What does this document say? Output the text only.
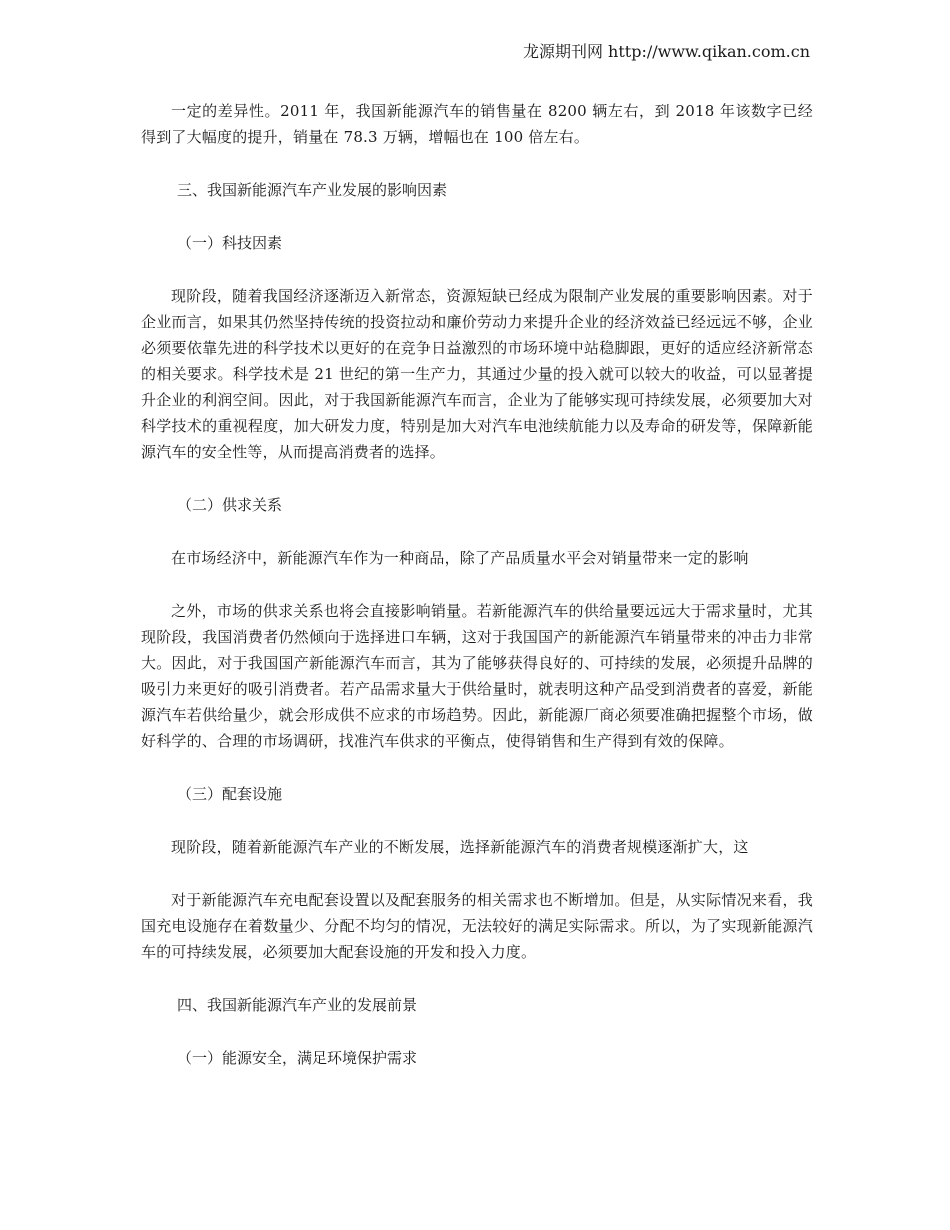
龙源期刊网 http://www.qikan.com.cn

一定的差异性。2011 年，我国新能源汽车的销售量在 8200 辆左右，到 2018 年该数字已经得到了大幅度的提升，销量在 78.3 万辆，增幅也在 100 倍左右。

三、我国新能源汽车产业发展的影响因素

（一）科技因素

现阶段，随着我国经济逐渐迈入新常态，资源短缺已经成为限制产业发展的重要影响因素。对于企业而言，如果其仍然坚持传统的投资拉动和廉价劳动力来提升企业的经济效益已经远远不够，企业必须要依靠先进的科学技术以更好的在竞争日益激烈的市场环境中站稳脚跟，更好的适应经济新常态的相关要求。科学技术是 21 世纪的第一生产力，其通过少量的投入就可以较大的收益，可以显著提升企业的利润空间。因此，对于我国新能源汽车而言，企业为了能够实现可持续发展，必须要加大对科学技术的重视程度，加大研发力度，特别是加大对汽车电池续航能力以及寿命的研发等，保障新能源汽车的安全性等，从而提高消费者的选择。

（二）供求关系

在市场经济中，新能源汽车作为一种商品，除了产品质量水平会对销量带来一定的影响

之外，市场的供求关系也将会直接影响销量。若新能源汽车的供给量要远远大于需求量时，尤其现阶段，我国消费者仍然倾向于选择进口车辆，这对于我国国产的新能源汽车销量带来的冲击力非常大。因此，对于我国国产新能源汽车而言，其为了能够获得良好的、可持续的发展，必须提升品牌的吸引力来更好的吸引消费者。若产品需求量大于供给量时，就表明这种产品受到消费者的喜爱，新能源汽车若供给量少，就会形成供不应求的市场趋势。因此，新能源厂商必须要准确把握整个市场，做好科学的、合理的市场调研，找准汽车供求的平衡点，使得销售和生产得到有效的保障。

（三）配套设施

现阶段，随着新能源汽车产业的不断发展，选择新能源汽车的消费者规模逐渐扩大，这

对于新能源汽车充电配套设置以及配套服务的相关需求也不断增加。但是，从实际情况来看，我国充电设施存在着数量少、分配不均匀的情况，无法较好的满足实际需求。所以，为了实现新能源汽车的可持续发展，必须要加大配套设施的开发和投入力度。

四、我国新能源汽车产业的发展前景

（一）能源安全，满足环境保护需求
